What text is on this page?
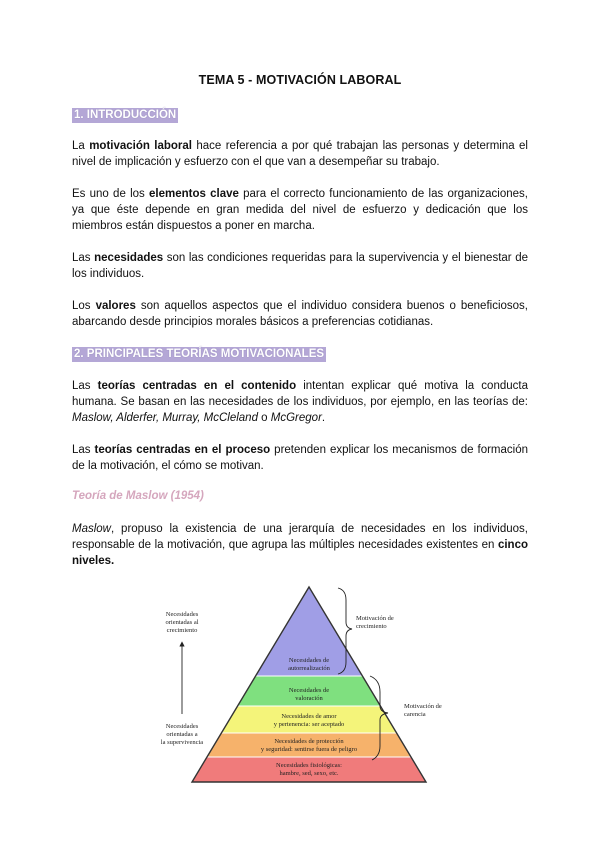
TEMA 5 - MOTIVACIÓN LABORAL
1. INTRODUCCIÓN

La motivación laboral hace referencia a por qué trabajan las personas y determina el nivel de implicación y esfuerzo con el que van a desempeñar su trabajo.

Es uno de los elementos clave para el correcto funcionamiento de las organizaciones, ya que éste depende en gran medida del nivel de esfuerzo y dedicación que los miembros están dispuestos a poner en marcha.

Las necesidades son las condiciones requeridas para la supervivencia y el bienestar de los individuos.

Los valores son aquellos aspectos que el individuo considera buenos o beneficiosos, abarcando desde principios morales básicos a preferencias cotidianas.

2. PRINCIPALES TEORÍAS MOTIVACIONALES

Las teorías centradas en el contenido intentan explicar qué motiva la conducta humana. Se basan en las necesidades de los individuos, por ejemplo, en las teorías de: Maslow, Alderfer, Murray, McCleland o McGregor.

Las teorías centradas en el proceso pretenden explicar los mecanismos de formación de la motivación, el cómo se motivan.

Teoría de Maslow (1954)

Maslow, propuso la existencia de una jerarquía de necesidades en los individuos, responsable de la motivación, que agrupa las múltiples necesidades existentes en cinco niveles.

Necesidades de
autorrealización
Necesidades de
valoración
Necesidades de amor
y pertenencia: ser aceptado
Necesidades de protección
y seguridad: sentirse fuera de peligro
Necesidades fisiológicas:
hambre, sed, sexo, etc.
Necesidades
orientadas al
crecimiento
Necesidades
orientadas a
la supervivencia
Motivación de
crecimiento
Motivación de
carencia
